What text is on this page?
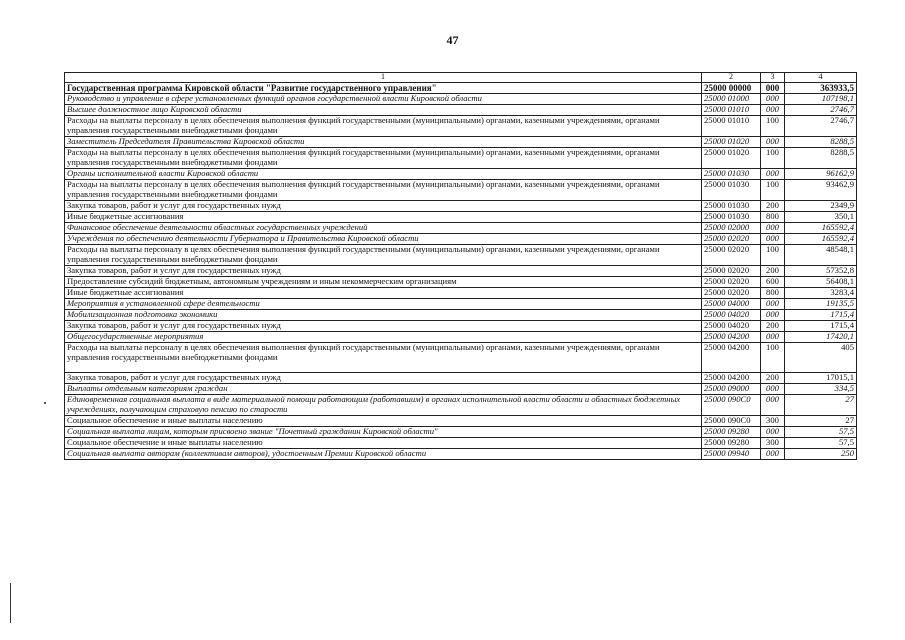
47
1	2	3	4
Государственная программа Кировской области "Развитие государственного управления"	25000 00000	000	363933,5
Руководство и управление в сфере установленных функций органов государственной власти Кировской области	25000 01000	000	107198,1
Высшее должностное лицо Кировской области	25000 01010	000	2746,7
Расходы на выплаты персоналу в целях обеспечения выполнения функций государственными (муниципальными) органами, казенными учреждениями, органами управления государственными внебюджетными фондами	25000 01010	100	2746,7
Заместитель Председателя Правительства Кировской области	25000 01020	000	8288,5
Расходы на выплаты персоналу в целях обеспечения выполнения функций государственными (муниципальными) органами, казенными учреждениями, органами управления государственными внебюджетными фондами	25000 01020	100	8288,5
Органы исполнительной власти Кировской области	25000 01030	000	96162,9
Расходы на выплаты персоналу в целях обеспечения выполнения функций государственными (муниципальными) органами, казенными учреждениями, органами управления государственными внебюджетными фондами	25000 01030	100	93462,9
Закупка товаров, работ и услуг для государственных нужд	25000 01030	200	2349,9
Иные бюджетные ассигнования	25000 01030	800	350,1
Финансовое обеспечение деятельности областных государственных учреждений	25000 02000	000	165592,4
Учреждения по обеспечению деятельности Губернатора и Правительства Кировской области	25000 02020	000	165592,4
Расходы на выплаты персоналу в целях обеспечения выполнения функций государственными (муниципальными) органами, казенными учреждениями, органами управления государственными внебюджетными фондами	25000 02020	100	48548,1
Закупка товаров, работ и услуг для государственных нужд	25000 02020	200	57352,8
Предоставление субсидий бюджетным, автономным учреждениям и иным некоммерческим организациям	25000 02020	600	56408,1
Иные бюджетные ассигнования	25000 02020	800	3283,4
Мероприятия в установленной сфере деятельности	25000 04000	000	19135,5
Мобилизационная подготовка экономики	25000 04020	000	1715,4
Закупка товаров, работ и услуг для государственных нужд	25000 04020	200	1715,4
Общегосударственные мероприятия	25000 04200	000	17420,1
Расходы на выплаты персоналу в целях обеспечения выполнения функций государственными (муниципальными) органами, казенными учреждениями, органами управления государственными внебюджетными фондами	25000 04200	100	405
Закупка товаров, работ и услуг для государственных нужд	25000 04200	200	17015,1
Выплаты отдельным категориям граждан	25000 09000	000	334,5
Единовременная социальная выплата в виде материальной помощи работающим (работавшим) в органах исполнительной власти области и областных бюджетных учреждениях, получающим страховую пенсию по старости	25000 090С0	000	27
Социальное обеспечение и иные выплаты населению	25000 090С0	300	27
Социальная выплата лицам, которым присвоено звание "Почетный гражданин Кировской области"	25000 09280	000	57,5
Социальное обеспечение и иные выплаты населению	25000 09280	300	57,5
Социальная выплата авторам (коллективам авторов), удостоенным Премии Кировской области	25000 09940	000	250
